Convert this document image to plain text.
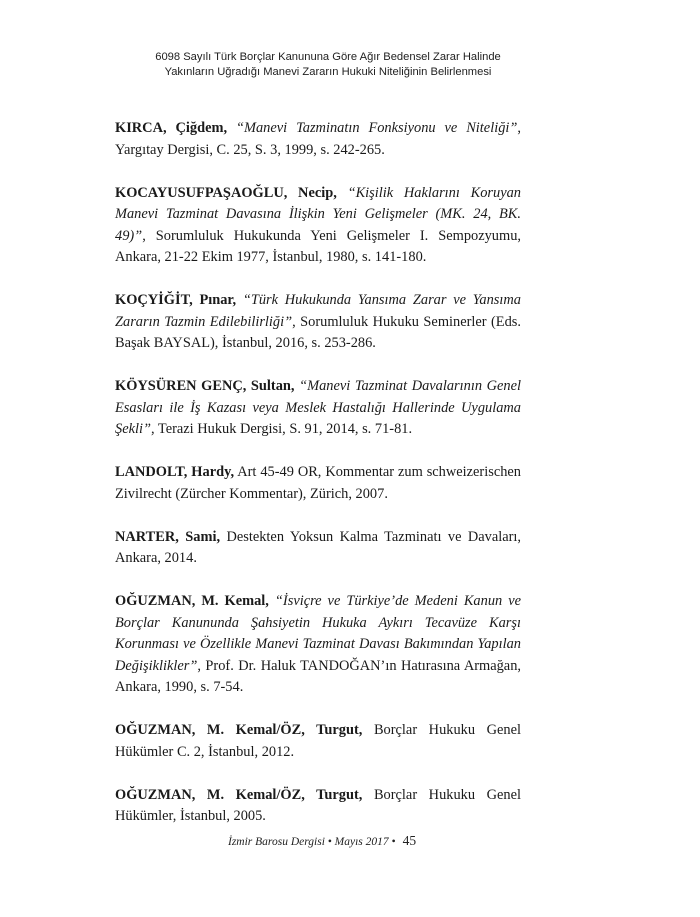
6098 Sayılı Türk Borçlar Kanununa Göre Ağır Bedensel Zarar Halinde
Yakınların Uğradığı Manevi Zararın Hukuki Niteliğinin Belirlenmesi

KIRCA, Çiğdem, “Manevi Tazminatın Fonksiyonu ve Niteliği”, Yargıtay Dergisi, C. 25, S. 3, 1999, s. 242-265.

KOCAYUSUFPAŞAOĞLU, Necip, “Kişilik Haklarını Koruyan Manevi Tazminat Davasına İlişkin Yeni Gelişmeler (MK. 24, BK. 49)”, Sorumluluk Hukukunda Yeni Gelişmeler I. Sempozyumu, Ankara, 21-22 Ekim 1977, İstanbul, 1980, s. 141-180.

KOÇYİĞİT, Pınar, “Türk Hukukunda Yansıma Zarar ve Yansıma Zararın Tazmin Edilebilirliği”, Sorumluluk Hukuku Seminerler (Eds. Başak BAYSAL), İstanbul, 2016, s. 253-286.

KÖYSÜREN GENÇ, Sultan, “Manevi Tazminat Davalarının Genel Esasları ile İş Kazası veya Meslek Hastalığı Hallerinde Uygulama Şekli”, Terazi Hukuk Dergisi, S. 91, 2014, s. 71-81.

LANDOLT, Hardy, Art 45-49 OR, Kommentar zum schweizerischen Zivilrecht (Zürcher Kommentar), Zürich, 2007.

NARTER, Sami, Destekten Yoksun Kalma Tazminatı ve Davaları, Ankara, 2014.

OĞUZMAN, M. Kemal, “İsviçre ve Türkiye’de Medeni Kanun ve Borçlar Kanununda Şahsiyetin Hukuka Aykırı Tecavüze Karşı Korunması ve Özellikle Manevi Tazminat Davası Bakımından Yapılan Değişiklikler”, Prof. Dr. Haluk TANDOĞAN’ın Hatırasına Armağan, Ankara, 1990, s. 7-54.

OĞUZMAN, M. Kemal/ÖZ, Turgut, Borçlar Hukuku Genel Hükümler C. 2, İstanbul, 2012.

OĞUZMAN, M. Kemal/ÖZ, Turgut, Borçlar Hukuku Genel Hükümler, İstanbul, 2005.

İzmir Barosu Dergisi • Mayıs 2017 • 45
